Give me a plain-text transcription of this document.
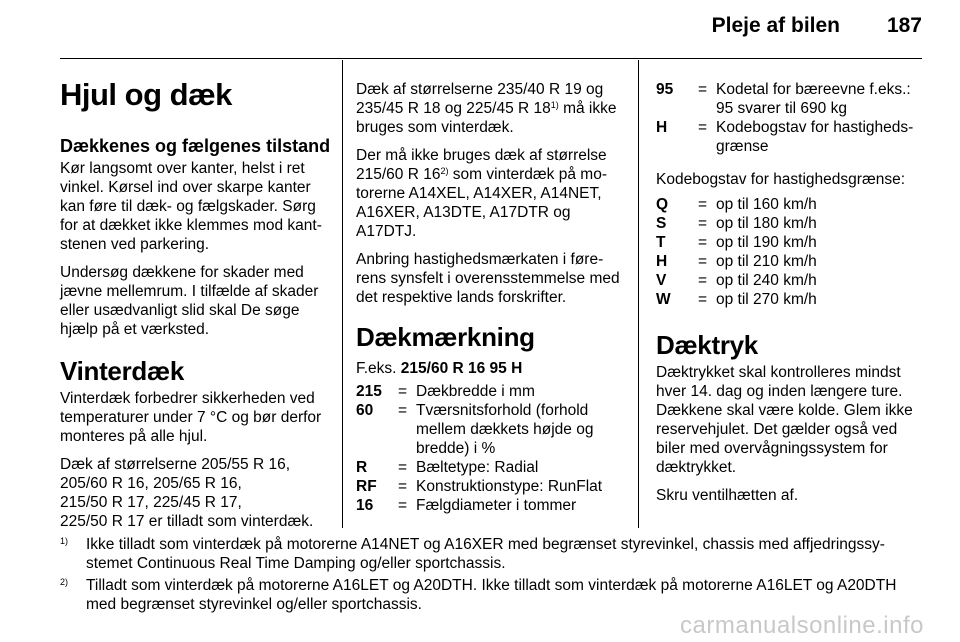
Pleje af bilen 187
Hjul og dæk
Dækkenes og fælgenes tilstand

Kør langsomt over kanter, helst i ret vinkel. Kørsel ind over skarpe kanter kan føre til dæk- og fælgskader. Sørg for at dækket ikke klemmes mod kant-stenen ved parkering.

Undersøg dækkene for skader med jævne mellemrum. I tilfælde af skader eller usædvanligt slid skal De søge hjælp på et værksted.

Vinterdæk

Vinterdæk forbedrer sikkerheden ved temperaturer under 7 °C og bør derfor monteres på alle hjul.

Dæk af størrelserne 205/55 R 16,
205/60 R 16, 205/65 R 16,
215/50 R 17, 225/45 R 17,
225/50 R 17 er tilladt som vinterdæk.

Dæk af størrelserne 235/40 R 19 og 235/45 R 18 og 225/45 R 18$^{1)}$ må ikke bruges som vinterdæk.

Der må ikke bruges dæk af størrelse 215/60 R 16$^{2)}$ som vinterdæk på mo-torerne A14XEL, A14XER, A14NET, A16XER, A13DTE, A17DTR og A17DTJ.

Anbring hastighedsmærkaten i føre-rens synsfelt i overensstemmelse med det respektive lands forskrifter.

Dækmærkning

F.eks. 215/60 R 16 95 H

215	= Dækbredde i mm
60	= Tværsnitsforhold (forhold mellem dækkets højde og bredde) i %
R	= Bæltetype: Radial
RF	= Konstruktionstype: RunFlat
16	= Fælgdiameter i tommer
95	= Kodetal for bæreevne f.eks.: 95 svarer til 690 kg
H	= Kodebogstav for hastigheds-grænse

Kodebogstav for hastighedsgrænse:

Q	= op til 160 km/h
S	= op til 180 km/h
T	= op til 190 km/h
H	= op til 210 km/h
V	= op til 240 km/h
W	= op til 270 km/h
Dæktryk

Dæktrykket skal kontrolleres mindst hver 14. dag og inden længere ture. Dækkene skal være kolde. Glem ikke reservehjulet. Det gælder også ved biler med overvågningssystem for dæktrykket.

Skru ventilhætten af.

1)	Ikke tilladt som vinterdæk på motorerne A14NET og A16XER med begrænset styrevinkel, chassis med affjedringssy-stemet Continuous Real Time Damping og/eller sportchassis.
2)	Tilladt som vinterdæk på motorerne A16LET og A20DTH. Ikke tilladt som vinterdæk på motorerne A16LET og A20DTH med begrænset styrevinkel og/eller sportchassis.
carmanualsonline.info
